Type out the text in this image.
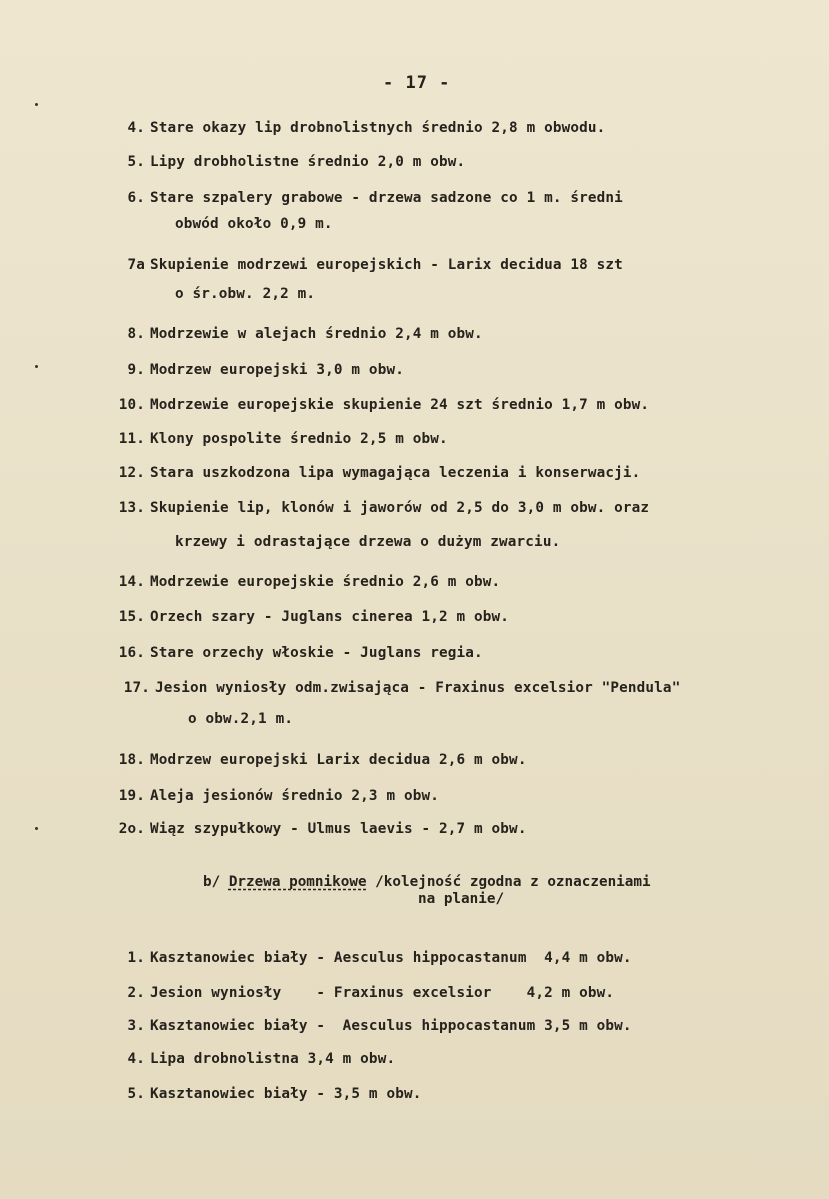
- 17 -
4. Stare okazy lip drobnolistnych średnio 2,8 m obwodu.
5. Lipy drobholistne średnio 2,0 m obw.
6. Stare szpalery grabowe - drzewa sadzone co 1 m. średni
obwód około 0,9 m.
7a Skupienie modrzewi europejskich - Larix decidua 18 szt
o śr.obw. 2,2 m.
8. Modrzewie w alejach średnio 2,4 m obw.
9. Modrzew europejski 3,0 m obw.
10. Modrzewie europejskie skupienie 24 szt średnio 1,7 m obw.
11. Klony pospolite średnio 2,5 m obw.
12. Stara uszkodzona lipa wymagająca leczenia i konserwacji.
13. Skupienie lip, klonów i jaworów od 2,5 do 3,0 m obw. oraz
krzewy i odrastające drzewa o dużym zwarciu.
14. Modrzewie europejskie średnio 2,6 m obw.
15. Orzech szary - Juglans cinerea 1,2 m obw.
16. Stare orzechy włoskie - Juglans regia.
17. Jesion wyniosły odm.zwisająca - Fraxinus excelsior "Pendula"
o obw.2,1 m.
18. Modrzew europejski Larix decidua 2,6 m obw.
19. Aleja jesionów średnio 2,3 m obw.
2o. Wiąz szypułkowy - Ulmus laevis - 2,7 m obw.
b/ Drzewa pomnikowe /kolejność zgodna z oznaczeniami
na planie/
1. Kasztanowiec biały - Aesculus hippocastanum  4,4 m obw.
2. Jesion wyniosły    - Fraxinus excelsior    4,2 m obw.
3. Kasztanowiec biały -  Aesculus hippocastanum 3,5 m obw.
4. Lipa drobnolistna 3,4 m obw.
5. Kasztanowiec biały - 3,5 m obw.
